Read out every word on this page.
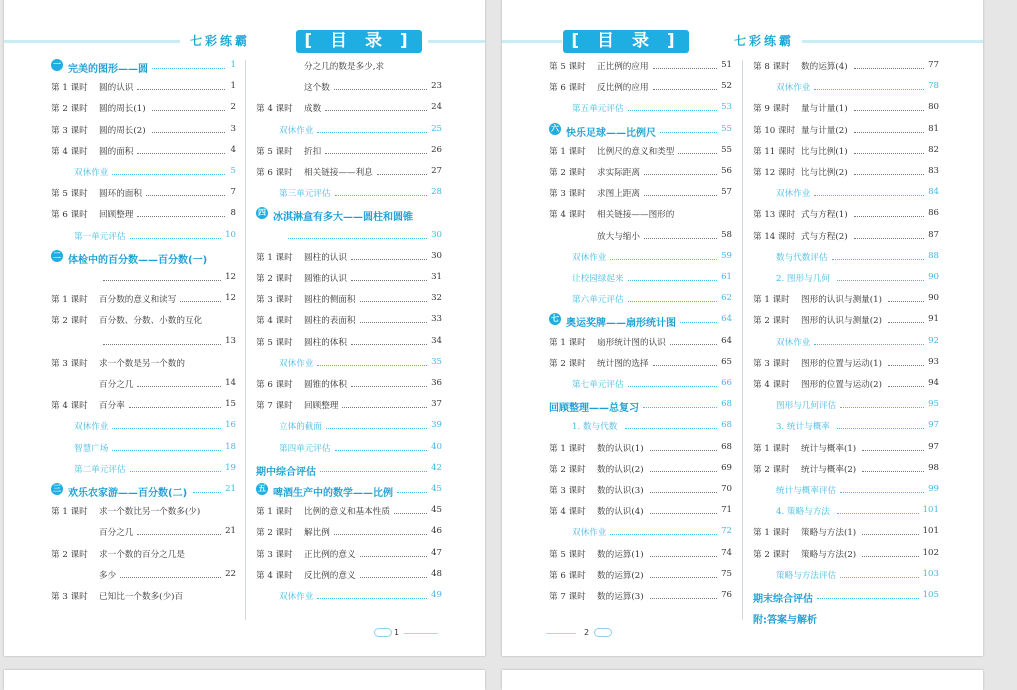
七彩练霸	[ 目 录 ]
一 完美的图形——圆	1
第 1 课时 圆的认识	1
第 2 课时 圆的周长(1)	2
第 3 课时 圆的周长(2)	3
第 4 课时 圆的面积	4
双休作业	5
第 5 课时 圆环的面积	7
第 6 课时 回顾整理	8
第一单元评估	10
二 体检中的百分数——百分数(一)
12
第 1 课时 百分数的意义和读写	12
第 2 课时 百分数、分数、小数的互化
13
第 3 课时 求一个数是另一个数的
百分之几	14
第 4 课时 百分率	15
双休作业	16
智慧广场	18
第二单元评估	19
三 欢乐农家游——百分数(二)	21
第 1 课时 求一个数比另一个数多(少)
百分之几	21
第 2 课时 求一个数的百分之几是
多少	22
第 3 课时 已知比一个数多(少)百
分之几的数是多少,求
这个数	23
第 4 课时 成数	24
双休作业	25
第 5 课时 折扣	26
第 6 课时 相关链接——利息	27
第三单元评估	28
四 冰淇淋盒有多大——圆柱和圆锥
30
第 1 课时 圆柱的认识	30
第 2 课时 圆锥的认识	31
第 3 课时 圆柱的侧面积	32
第 4 课时 圆柱的表面积	33
第 5 课时 圆柱的体积	34
双休作业	35
第 6 课时 圆锥的体积	36
第 7 课时 回顾整理	37
立体的截面	39
第四单元评估	40
期中综合评估	42
五 啤酒生产中的数学——比例	45
第 1 课时 比例的意义和基本性质	45
第 2 课时 解比例	46
第 3 课时 正比例的意义	47
第 4 课时 反比例的意义	48
双休作业	49
1
[ 目 录 ]	七彩练霸
第 5 课时 正比例的应用	51
第 6 课时 反比例的应用	52
第五单元评估	53
六 快乐足球——比例尺	55
第 1 课时 比例尺的意义和类型	55
第 2 课时 求实际距离	56
第 3 课时 求图上距离	57
第 4 课时 相关链接——图形的
放大与缩小	58
双休作业	59
让校园绿起来	61
第六单元评估	62
七 奥运奖牌——扇形统计图	64
第 1 课时 扇形统计图的认识	64
第 2 课时 统计图的选择	65
第七单元评估	66
回顾整理——总复习	68
1. 数与代数	68
第 1 课时 数的认识(1)	68
第 2 课时 数的认识(2)	69
第 3 课时 数的认识(3)	70
第 4 课时 数的认识(4)	71
双休作业	72
第 5 课时 数的运算(1)	74
第 6 课时 数的运算(2)	75
第 7 课时 数的运算(3)	76
第 8 课时 数的运算(4)	77
双休作业	78
第 9 课时 量与计量(1)	80
第 10 课时 量与计量(2)	81
第 11 课时 比与比例(1)	82
第 12 课时 比与比例(2)	83
双休作业	84
第 13 课时 式与方程(1)	86
第 14 课时 式与方程(2)	87
数与代数评估	88
2. 图形与几何	90
第 1 课时 图形的认识与测量(1)	90
第 2 课时 图形的认识与测量(2)	91
双休作业	92
第 3 课时 图形的位置与运动(1)	93
第 4 课时 图形的位置与运动(2)	94
图形与几何评估	95
3. 统计与概率	97
第 1 课时 统计与概率(1)	97
第 2 课时 统计与概率(2)	98
统计与概率评估	99
4. 策略与方法	101
第 1 课时 策略与方法(1)	101
第 2 课时 策略与方法(2)	102
策略与方法评估	103
期末综合评估	105
附:答案与解析
2
